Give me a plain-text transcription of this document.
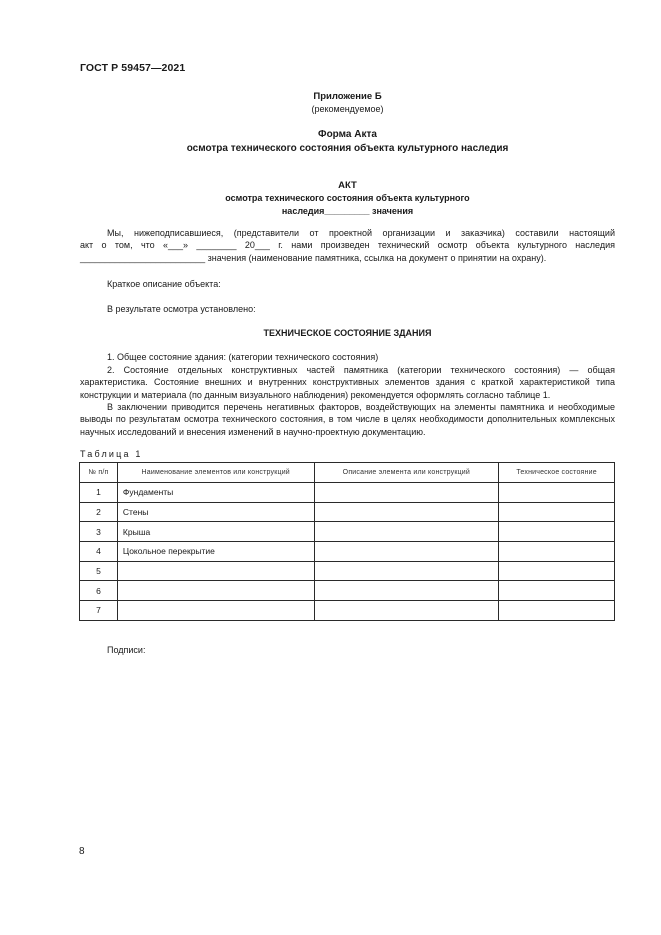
ГОСТ Р 59457—2021
Приложение Б
(рекомендуемое)
Форма Акта
осмотра технического состояния объекта культурного наследия
АКТ
осмотра технического состояния объекта культурного
наследия_________ значения
Мы, нижеподписавшиеся, (представители от проектной организации и заказчика) составили настоящий
акт о том, что «___» ________ 20___ г. нами произведен технический осмотр объекта культурного наследия
_________________________ значения (наименование памятника, ссылка на документ о принятии на охрану).
Краткое описание объекта:
В результате осмотра установлено:
ТЕХНИЧЕСКОЕ СОСТОЯНИЕ ЗДАНИЯ
1. Общее состояние здания: (категории технического состояния)
2. Состояние отдельных конструктивных частей памятника (категории технического состояния) — общая характеристика. Состояние внешних и внутренних конструктивных элементов здания с краткой характеристикой типа конструкции и материала (по данным визуального наблюдения) рекомендуется оформлять согласно таблице 1.
В заключении приводится перечень негативных факторов, воздействующих на элементы памятника и необходимые выводы по результатам осмотра технического состояния, в том числе в целях необходимости дополнительных комплексных научных исследований и внесения изменений в научно-проектную документацию.
Таблица 1
№ п/п	Наименование элементов или конструкций	Описание элемента или конструкций	Техническое состояние
1	Фундаменты		
2	Стены		
3	Крыша		
4	Цокольное перекрытие		
5			
6			
7			
Подписи:
8
